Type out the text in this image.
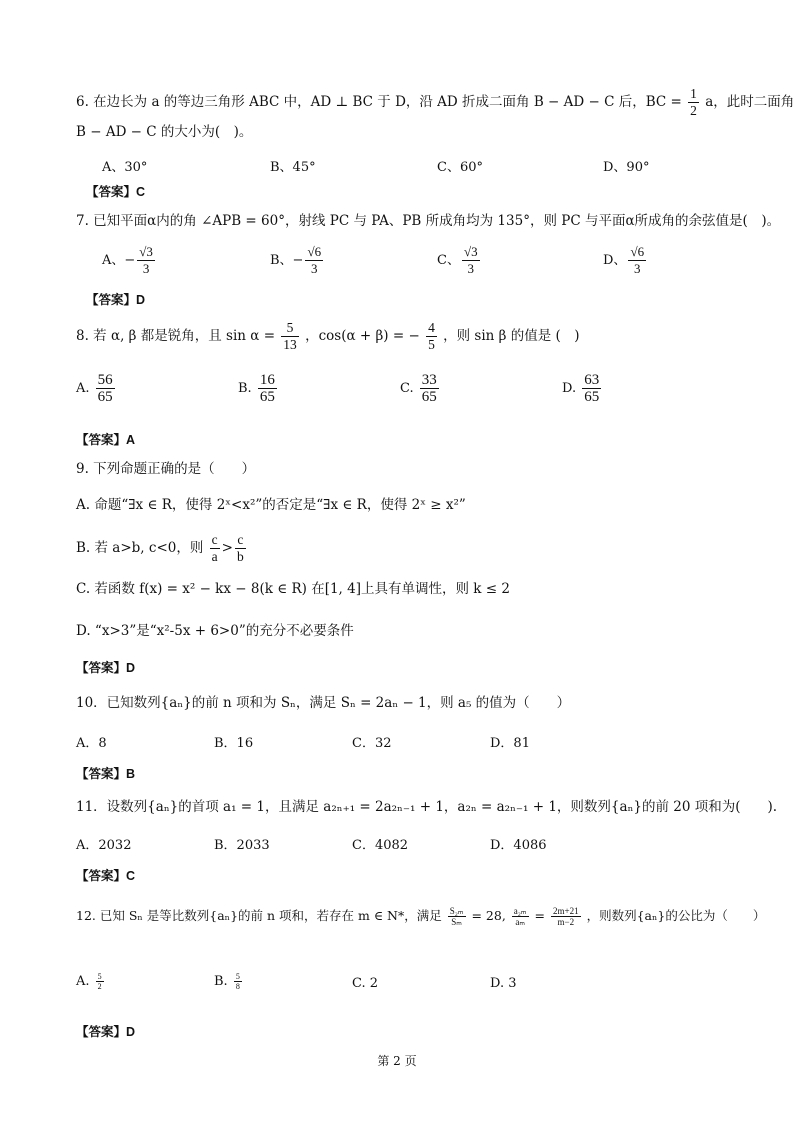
6. 在边长为 a 的等边三角形 ABC 中，AD ⊥ BC 于 D，沿 AD 折成二面角 B − AD − C 后，BC = $\frac{1}{2}$ a，此时二面角
B − AD − C 的大小为(　)。
A、30°	B、45°	C、60°	D、90°
【答案】C
7. 已知平面α内的角 ∠APB = 60°，射线 PC 与 PA、PB 所成角均为 135°，则 PC 与平面α所成角的余弦值是(　)。
A、− $\frac{√3}{3}$	B、− $\frac{√6}{3}$	C、 $\frac{√3}{3}$	D、 $\frac{√6}{3}$
【答案】D
8. 若 α, β 都是锐角，且 $\sin \alpha = \frac{5}{13}$ ，cos(α + β) = − $\frac{4}{5}$ ，则 sin β 的值是 (　)
A. $\frac{56}{65}$	B. $\frac{16}{65}$	C. $\frac{33}{65}$	D. $\frac{63}{65}$
【答案】A
9. 下列命题正确的是（　　）
A. 命题“∃x ∈ R，使得 2ˣ<x²”的否定是“∃x ∈ R，使得 2ˣ ≥ x²”
B. 若 a>b, c<0，则 $\frac{c}{a} > \frac{c}{b}$
C. 若函数 f(x) = x² − kx − 8(k ∈ R) 在[1, 4]上具有单调性，则 k ≤ 2
D. “x>3”是“x²-5x + 6>0”的充分不必要条件
【答案】D
10．已知数列{aₙ}的前 n 项和为 Sₙ，满足 Sₙ = 2aₙ − 1，则 a₅ 的值为（　　）
A．8	B．16	C．32	D．81
【答案】B
11．设数列{aₙ}的首项 a₁ = 1，且满足 a₂ₙ₊₁ = 2a₂ₙ₋₁ + 1，a₂ₙ = a₂ₙ₋₁ + 1，则数列{aₙ}的前 20 项和为(　　).
A．2032	B．2033	C．4082	D．4086
【答案】C
12. 已知 Sₙ 是等比数列{aₙ}的前 n 项和，若存在 m ∈ N*，满足 $\frac{\text{S₂ₘ}}{\text{Sₘ}} = 28$, $\frac{\text{a₂ₘ}}{\text{aₘ}} = \frac{2m+21}{m-2}$ ，则数列{aₙ}的公比为（　　）
A. $\frac{5}{2}$	B. $\frac{5}{8}$	C. 2	D. 3
【答案】D
第 2 页
